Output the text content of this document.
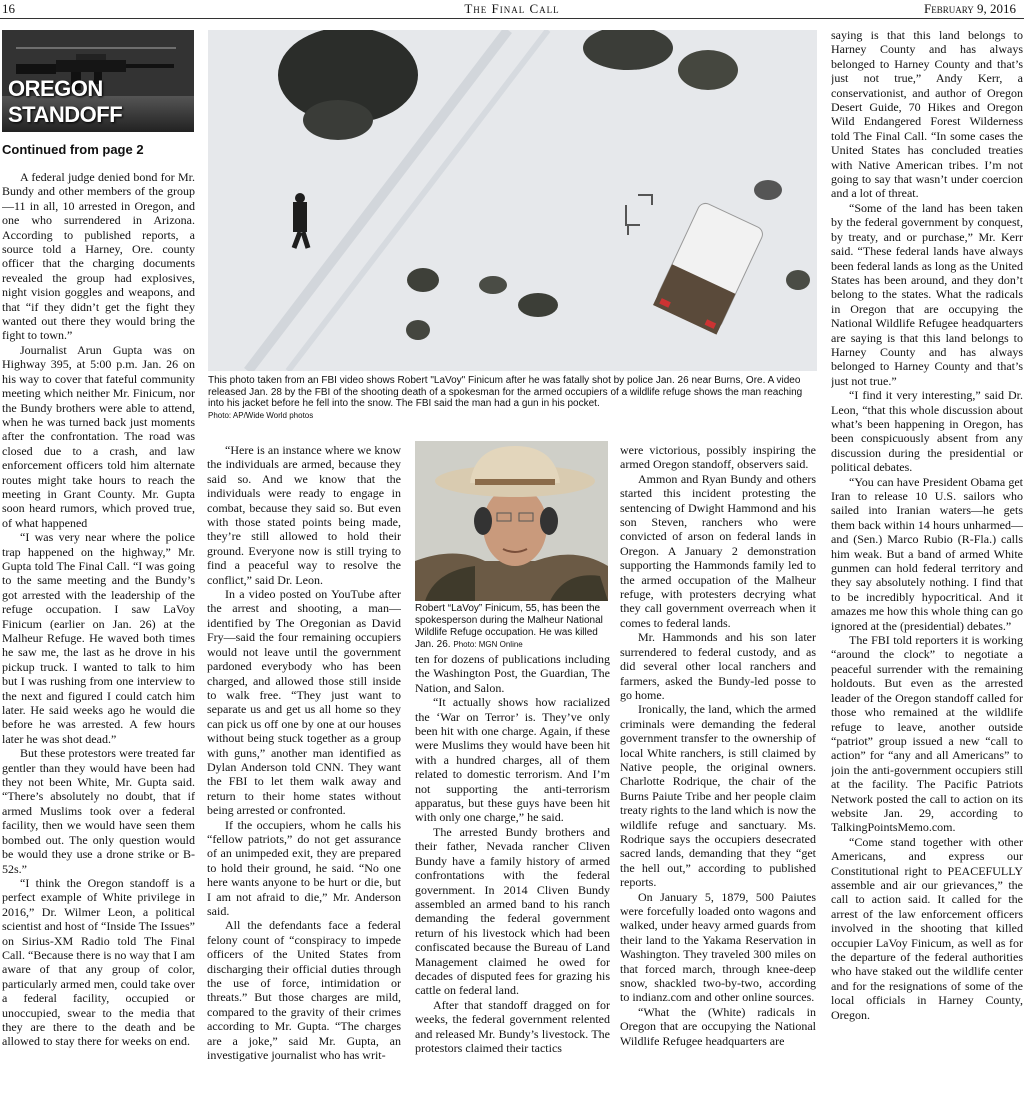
16	The Final Call	February 9, 2016
OREGON STANDOFF
Continued from page 2

A federal judge denied bond for Mr. Bundy and other members of the group—11 in all, 10 arrested in Oregon, and one who surrendered in Arizona. According to published reports, a source told a Harney, Ore. county officer that the charging documents revealed the group had explosives, night vision goggles and weapons, and that “if they didn’t get the fight they wanted out there they would bring the fight to town.”

Journalist Arun Gupta was on Highway 395, at 5:00 p.m. Jan. 26 on his way to cover that fateful community meeting which neither Mr. Finicum, nor the Bundy brothers were able to attend, when he was turned back just moments after the confrontation. The road was closed due to a crash, and law enforcement officers told him alternate routes might take hours to reach the meeting in Grant County. Mr. Gupta soon heard rumors, which proved true, of what happened

“I was very near where the police trap happened on the highway,” Mr. Gupta told The Final Call. “I was going to the same meeting and the Bundy’s got arrested with the leadership of the refuge occupation. I saw LaVoy Finicum (earlier on Jan. 26) at the Malheur Refuge. He waved both times he saw me, the last as he drove in his pickup truck. I wanted to talk to him but I was rushing from one interview to the next and figured I could catch him later. He said weeks ago he would die before he was arrested. A few hours later he was shot dead.”

But these protestors were treated far gentler than they would have been had they not been White, Mr. Gupta said. “There’s absolutely no doubt, that if armed Muslims took over a federal facility, then we would have seen them bombed out. The only question would be would they use a drone strike or B-52s.”

“I think the Oregon standoff is a perfect example of White privilege in 2016,” Dr. Wilmer Leon, a political scientist and host of “Inside The Issues” on Sirius-XM Radio told The Final Call. “Because there is no way that I am aware of that any group of color, particularly armed men, could take over a federal facility, occupied or unoccupied, swear to the media that they are there to the death and be allowed to stay there for weeks on end.

This photo taken from an FBI video shows Robert "LaVoy" Finicum after he was fatally shot by police Jan. 26 near Burns, Ore. A video released Jan. 28 by the FBI of the shooting death of a spokesman for the armed occupiers of a wildlife refuge shows the man reaching into his jacket before he fell into the snow. The FBI said the man had a gun in his pocket.
Photo: AP/Wide World photos

“Here is an instance where we know the individuals are armed, because they said so. And we know that the individuals were ready to engage in combat, because they said so. But even with those stated points being made, they’re still allowed to hold their ground. Everyone now is still trying to find a peaceful way to resolve the conflict,” said Dr. Leon.

In a video posted on YouTube after the arrest and shooting, a man—identified by The Oregonian as David Fry—said the four remaining occupiers would not leave until the government pardoned everybody who has been charged, and allowed those still inside to walk free. “They just want to separate us and get us all home so they can pick us off one by one at our houses without being stuck together as a group with guns,” another man identified as Dylan Anderson told CNN. They want the FBI to let them walk away and return to their home states without being arrested or confronted.

If the occupiers, whom he calls his “fellow patriots,” do not get assurance of an unimpeded exit, they are prepared to hold their ground, he said. “No one here wants anyone to be hurt or die, but I am not afraid to die,” Mr. Anderson said.

All the defendants face a federal felony count of “conspiracy to impede officers of the United States from discharging their official duties through the use of force, intimidation or threats.” But those charges are mild, compared to the gravity of their crimes according to Mr. Gupta. “The charges are a joke,” said Mr. Gupta, an investigative journalist who has writ-

Robert “LaVoy” Finicum, 55, has been the spokesperson during the Malheur National Wildlife Refuge occupation. He was killed Jan. 26. Photo: MGN Online

ten for dozens of publications including the Washington Post, the Guardian, The Nation, and Salon.

“It actually shows how racialized the ‘War on Terror’ is. They’ve only been hit with one charge. Again, if these were Muslims they would have been hit with a hundred charges, all of them related to domestic terrorism. And I’m not supporting the anti-terrorism apparatus, but these guys have been hit with only one charge,” he said.

The arrested Bundy brothers and their father, Nevada rancher Cliven Bundy have a family history of armed confrontations with the federal government. In 2014 Cliven Bundy assembled an armed band to his ranch demanding the federal government return of his livestock which had been confiscated because the Bureau of Land Management claimed he owed for decades of disputed fees for grazing his cattle on federal land.

After that standoff dragged on for weeks, the federal government relented and released Mr. Bundy’s livestock. The protestors claimed their tactics

were victorious, possibly inspiring the armed Oregon standoff, observers said.

Ammon and Ryan Bundy and others started this incident protesting the sentencing of Dwight Hammond and his son Steven, ranchers who were convicted of arson on federal lands in Oregon. A January 2 demonstration supporting the Hammonds family led to the armed occupation of the Malheur refuge, with protesters decrying what they call government overreach when it comes to federal lands.

Mr. Hammonds and his son later surrendered to federal custody, and as did several other local ranchers and farmers, asked the Bundy-led posse to go home.

Ironically, the land, which the armed criminals were demanding the federal government transfer to the ownership of local White ranchers, is still claimed by Native people, the original owners. Charlotte Rodrique, the chair of the Burns Paiute Tribe and her people claim treaty rights to the land which is now the wildlife refuge and sanctuary. Ms. Rodrique says the occupiers desecrated sacred lands, demanding that they “get the hell out,” according to published reports.

On January 5, 1879, 500 Paiutes were forcefully loaded onto wagons and walked, under heavy armed guards from their land to the Yakama Reservation in Washington. They traveled 300 miles on that forced march, through knee-deep snow, shackled two-by-two, according to indianz.com and other online sources.

“What the (White) radicals in Oregon that are occupying the National Wildlife Refugee headquarters are

saying is that this land belongs to Harney County and has always belonged to Harney County and that’s just not true,” Andy Kerr, a conservationist, and author of Oregon Desert Guide, 70 Hikes and Oregon Wild Endangered Forest Wilderness told The Final Call. “In some cases the United States has concluded treaties with Native American tribes. I’m not going to say that wasn’t under coercion and a lot of threat.

“Some of the land has been taken by the federal government by conquest, by treaty, and or purchase,” Mr. Kerr said. “These federal lands have always been federal lands as long as the United States has been around, and they don’t belong to the states. What the radicals in Oregon that are occupying the National Wildlife Refugee headquarters are saying is that this land belongs to Harney County and has always belonged to Harney County and that’s just not true.”

“I find it very interesting,” said Dr. Leon, “that this whole discussion about what’s been happening in Oregon, has been conspicuously absent from any discussion during the presidential or political debates.

“You can have President Obama get Iran to release 10 U.S. sailors who sailed into Iranian waters—he gets them back within 14 hours unharmed—and (Sen.) Marco Rubio (R-Fla.) calls him weak. But a band of armed White gunmen can hold federal territory and they say absolutely nothing. I find that to be incredibly hypocritical. And it amazes me how this whole thing can go ignored at the (presidential) debates.”

The FBI told reporters it is working “around the clock” to negotiate a peaceful surrender with the remaining holdouts. But even as the arrested leader of the Oregon standoff called for those who remained at the wildlife refuge to leave, another outside “patriot” group issued a new “call to action” for “any and all Americans” to join the anti-government occupiers still at the facility. The Pacific Patriots Network posted the call to action on its website Jan. 29, according to TalkingPointsMemo.com.

“Come stand together with other Americans, and express our Constitutional right to PEACEFULLY assemble and air our grievances,” the call to action said. It called for the arrest of the law enforcement officers involved in the shooting that killed occupier LaVoy Finicum, as well as for the departure of the federal authorities who have staked out the wildlife center and for the resignations of some of the local officials in Harney County, Oregon.
